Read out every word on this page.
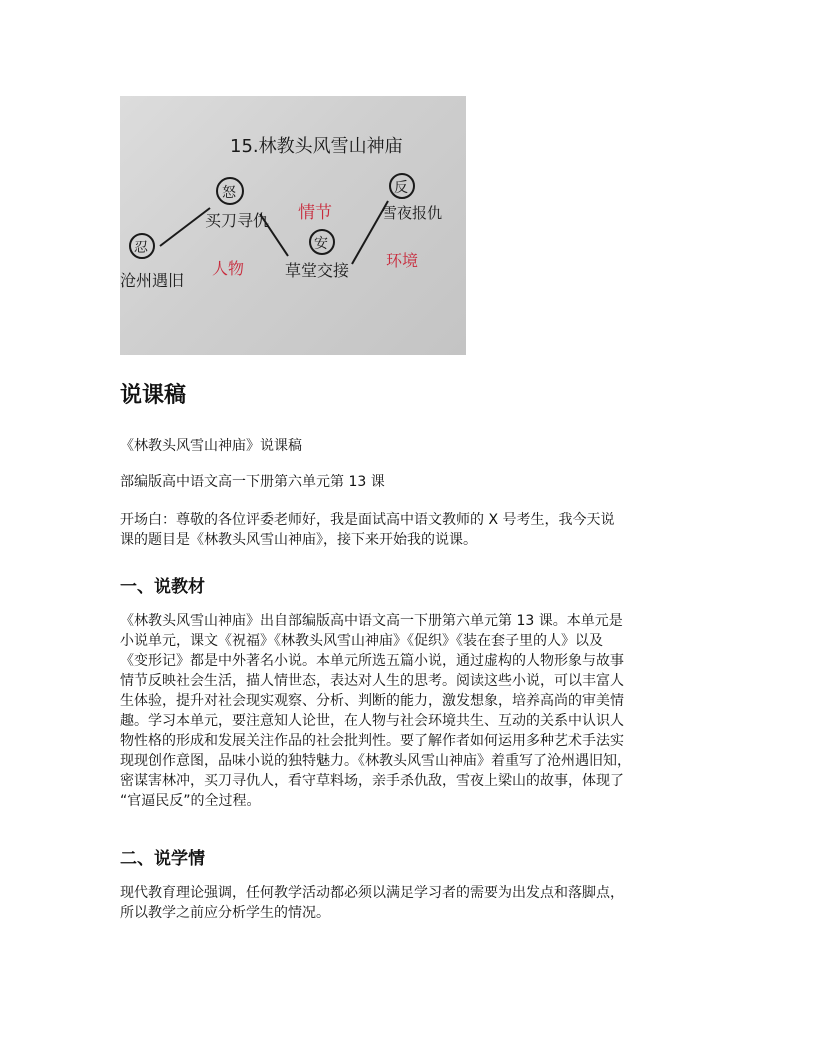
15.林教头风雪山神庙
忍
怒
安
反
沧州遇旧
买刀寻仇
草堂交接
雪夜报仇
情节
人物	环境
说课稿

《林教头风雪山神庙》说课稿

部编版高中语文高一下册第六单元第 13 课

开场白：尊敬的各位评委老师好，我是面试高中语文教师的 X 号考生，我今天说
课的题目是《林教头风雪山神庙》，接下来开始我的说课。

一、说教材

《林教头风雪山神庙》出自部编版高中语文高一下册第六单元第 13 课。本单元是
小说单元，课文《祝福》《林教头风雪山神庙》《促织》《装在套子里的人》以及
《变形记》都是中外著名小说。本单元所选五篇小说，通过虚构的人物形象与故事
情节反映社会生活，描人情世态，表达对人生的思考。阅读这些小说，可以丰富人
生体验，提升对社会现实观察、分析、判断的能力，激发想象，培养高尚的审美情
趣。学习本单元，要注意知人论世，在人物与社会环境共生、互动的关系中认识人
物性格的形成和发展关注作品的社会批判性。要了解作者如何运用多种艺术手法实
现现创作意图，品味小说的独特魅力。《林教头风雪山神庙》着重写了沧州遇旧知，
密谋害林冲，买刀寻仇人，看守草料场，亲手杀仇敌，雪夜上梁山的故事，体现了
“官逼民反”的全过程。

二、说学情

现代教育理论强调，任何教学活动都必须以满足学习者的需要为出发点和落脚点，
所以教学之前应分析学生的情况。
